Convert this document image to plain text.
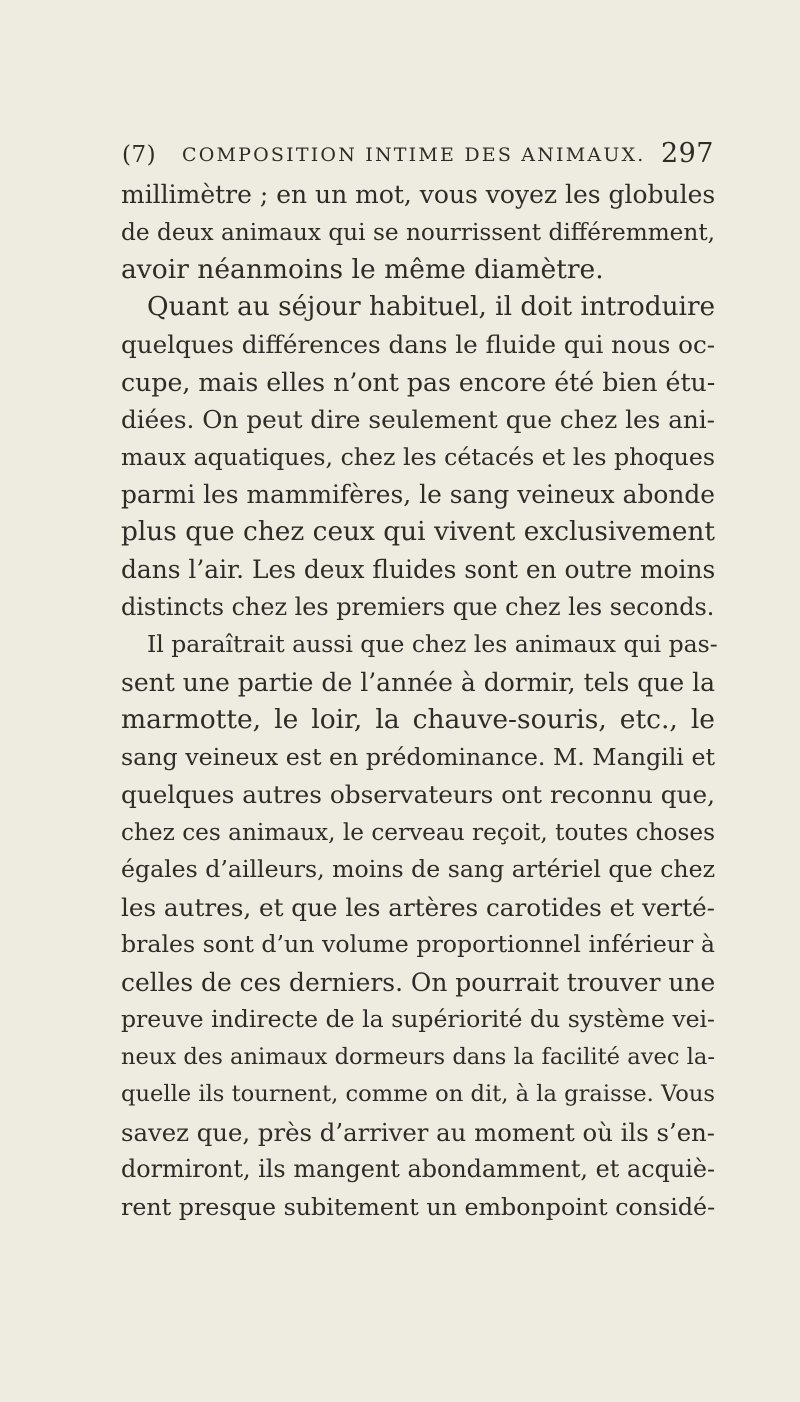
(7) COMPOSITION INTIME DES ANIMAUX. 297
millimètre ; en un mot, vous voyez les globules
de deux animaux qui se nourrissent différemment,
avoir néanmoins le même diamètre.
Quant au séjour habituel, il doit introduire
quelques différences dans le fluide qui nous oc-
cupe, mais elles n’ont pas encore été bien étu-
diées. On peut dire seulement que chez les ani-
maux aquatiques, chez les cétacés et les phoques
parmi les mammifères, le sang veineux abonde
plus que chez ceux qui vivent exclusivement
dans l’air. Les deux fluides sont en outre moins
distincts chez les premiers que chez les seconds.
Il paraîtrait aussi que chez les animaux qui pas-
sent une partie de l’année à dormir, tels que la
marmotte, le loir, la chauve-souris, etc., le
sang veineux est en prédominance. M. Mangili et
quelques autres observateurs ont reconnu que,
chez ces animaux, le cerveau reçoit, toutes choses
égales d’ailleurs, moins de sang artériel que chez
les autres, et que les artères carotides et verté-
brales sont d’un volume proportionnel inférieur à
celles de ces derniers. On pourrait trouver une
preuve indirecte de la supériorité du système vei-
neux des animaux dormeurs dans la facilité avec la-
quelle ils tournent, comme on dit, à la graisse. Vous
savez que, près d’arriver au moment où ils s’en-
dormiront, ils mangent abondamment, et acquiè-
rent presque subitement un embonpoint considé-
